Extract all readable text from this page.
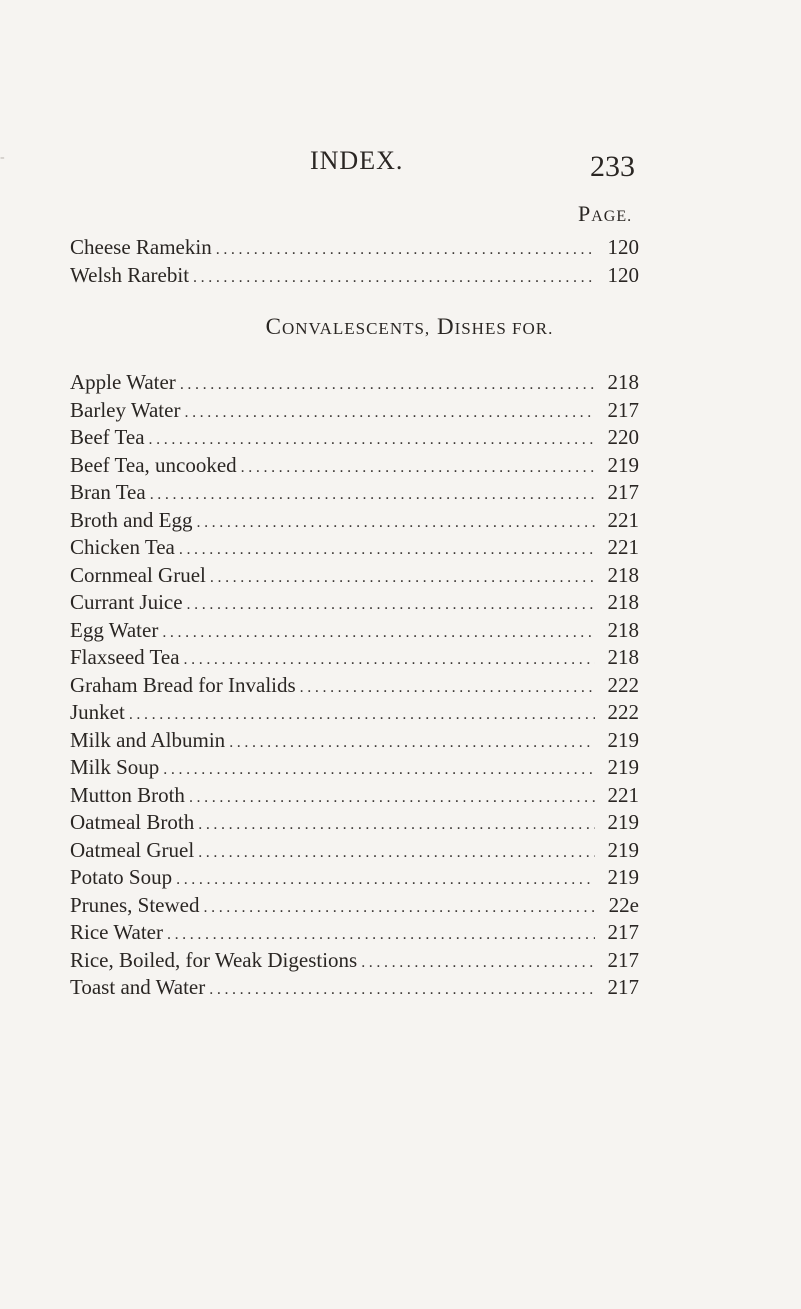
-	INDEX.	233
PAGE.
Cheese Ramekin .....	120
Welsh Rarebit .....	120
CONVALESCENTS, DISHES FOR.
Apple Water .....	218
Barley Water .....	217
Beef Tea .....	220
Beef Tea, uncooked .....	219
Bran Tea .....	217
Broth and Egg .....	221
Chicken Tea .....	221
Cornmeal Gruel .....	218
Currant Juice .....	218
Egg Water .....	218
Flaxseed Tea .....	218
Graham Bread for Invalids .....	222
Junket .....	222
Milk and Albumin .....	219
Milk Soup .....	219
Mutton Broth .....	221
Oatmeal Broth .....	219
Oatmeal Gruel .....	219
Potato Soup .....	219
Prunes, Stewed .....	22e
Rice Water .....	217
Rice, Boiled, for Weak Digestions .....	217
Toast and Water .....	217
